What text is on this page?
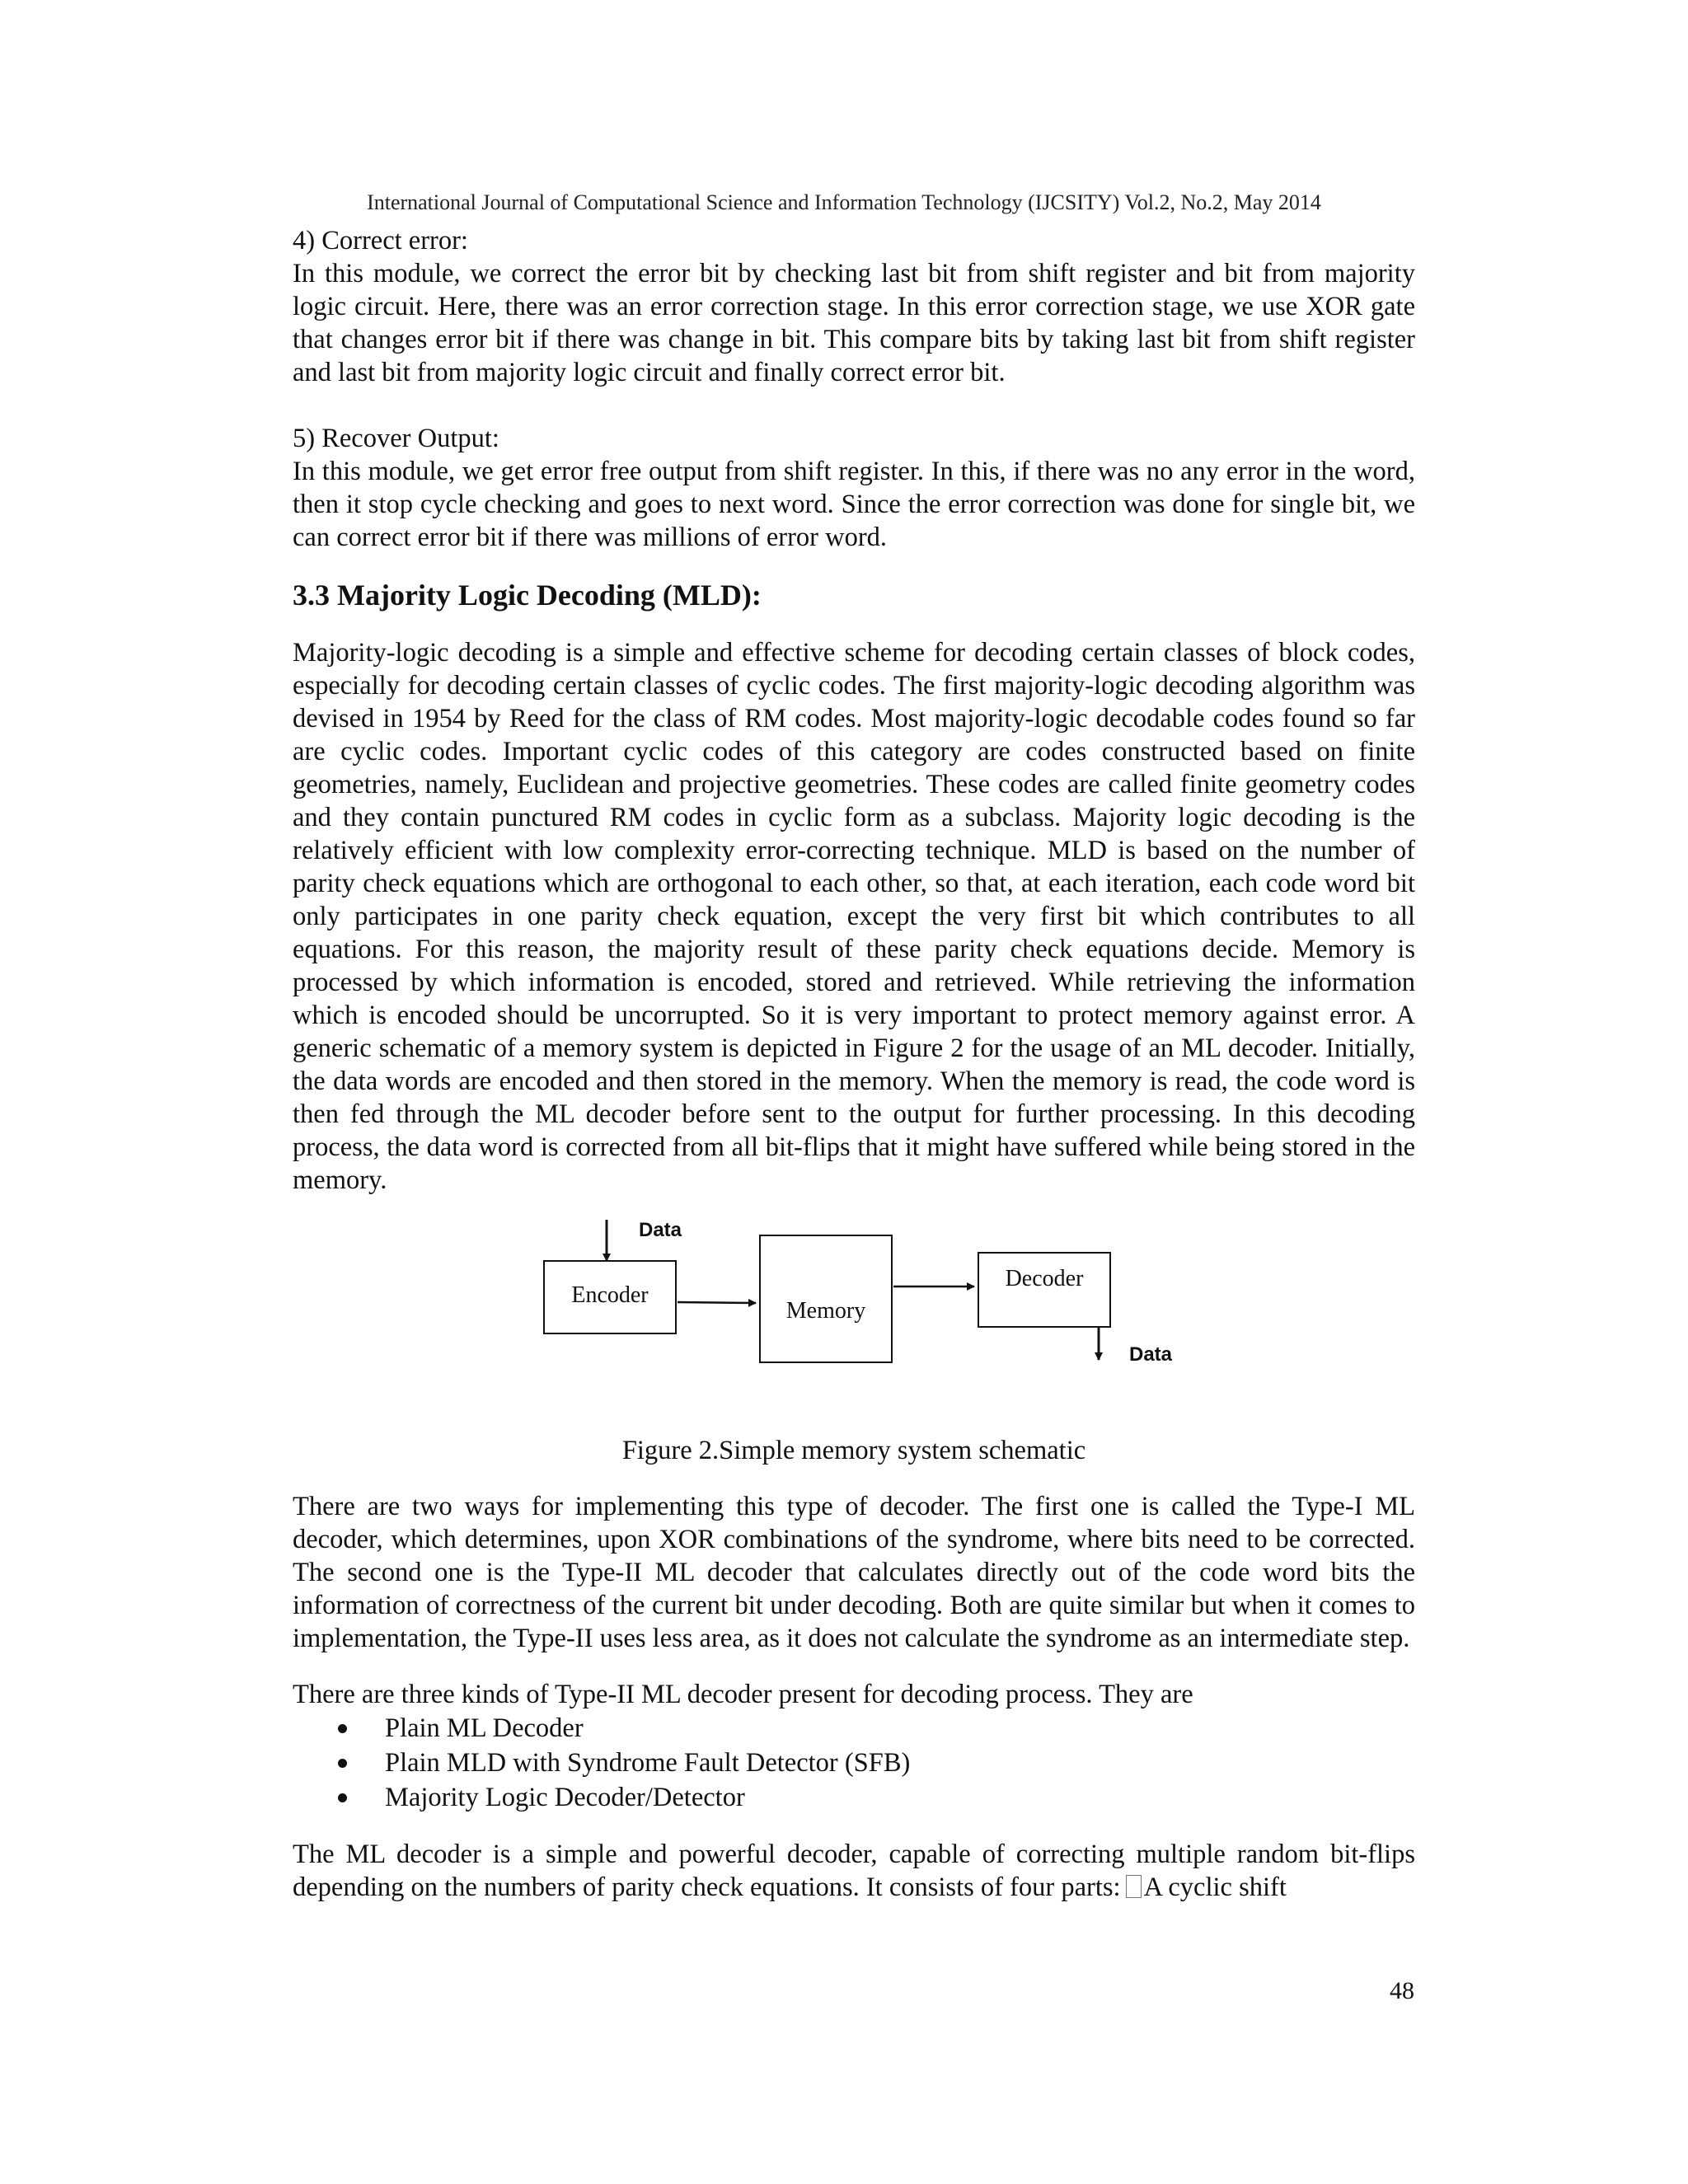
International Journal of Computational Science and Information Technology (IJCSITY) Vol.2, No.2, May 2014
4) Correct error:

In this module, we correct the error bit by checking last bit from shift register and bit from majority logic circuit. Here, there was an error correction stage. In this error correction stage, we use XOR gate that changes error bit if there was change in bit. This compare bits by taking last bit from shift register and last bit from majority logic circuit and finally correct error bit.

5) Recover Output:

In this module, we get error free output from shift register. In this, if there was no any error in the word, then it stop cycle checking and goes to next word. Since the error correction was done for single bit, we can correct error bit if there was millions of error word.

3.3 Majority Logic Decoding (MLD):

Majority-logic decoding is a simple and effective scheme for decoding certain classes of block codes, especially for decoding certain classes of cyclic codes. The first majority-logic decoding algorithm was devised in 1954 by Reed for the class of RM codes. Most majority-logic decodable codes found so far are cyclic codes. Important cyclic codes of this category are codes constructed based on finite geometries, namely, Euclidean and projective geometries. These codes are called finite geometry codes and they contain punctured RM codes in cyclic form as a subclass. Majority logic decoding is the relatively efficient with low complexity error-correcting technique. MLD is based on the number of parity check equations which are orthogonal to each other, so that, at each iteration, each code word bit only participates in one parity check equation, except the very first bit which contributes to all equations. For this reason, the majority result of these parity check equations decide. Memory is processed by which information is encoded, stored and retrieved. While retrieving the information which is encoded should be uncorrupted. So it is very important to protect memory against error. A generic schematic of a memory system is depicted in Figure 2 for the usage of an ML decoder. Initially, the data words are encoded and then stored in the memory. When the memory is read, the code word is then fed through the ML decoder before sent to the output for further processing. In this decoding process, the data word is corrected from all bit-flips that it might have suffered while being stored in the memory.

Data
Encoder
Memory
Decoder
Data

Figure 2.Simple memory system schematic

There are two ways for implementing this type of decoder. The first one is called the Type-I ML decoder, which determines, upon XOR combinations of the syndrome, where bits need to be corrected. The second one is the Type-II ML decoder that calculates directly out of the code word bits the information of correctness of the current bit under decoding. Both are quite similar but when it comes to implementation, the Type-II uses less area, as it does not calculate the syndrome as an intermediate step.

There are three kinds of Type-II ML decoder present for decoding process. They are
Plain ML Decoder
Plain MLD with Syndrome Fault Detector (SFB)
Majority Logic Decoder/Detector

The ML decoder is a simple and powerful decoder, capable of correcting multiple random bit-flips depending on the numbers of parity check equations. It consists of four parts: A cyclic shift

48
